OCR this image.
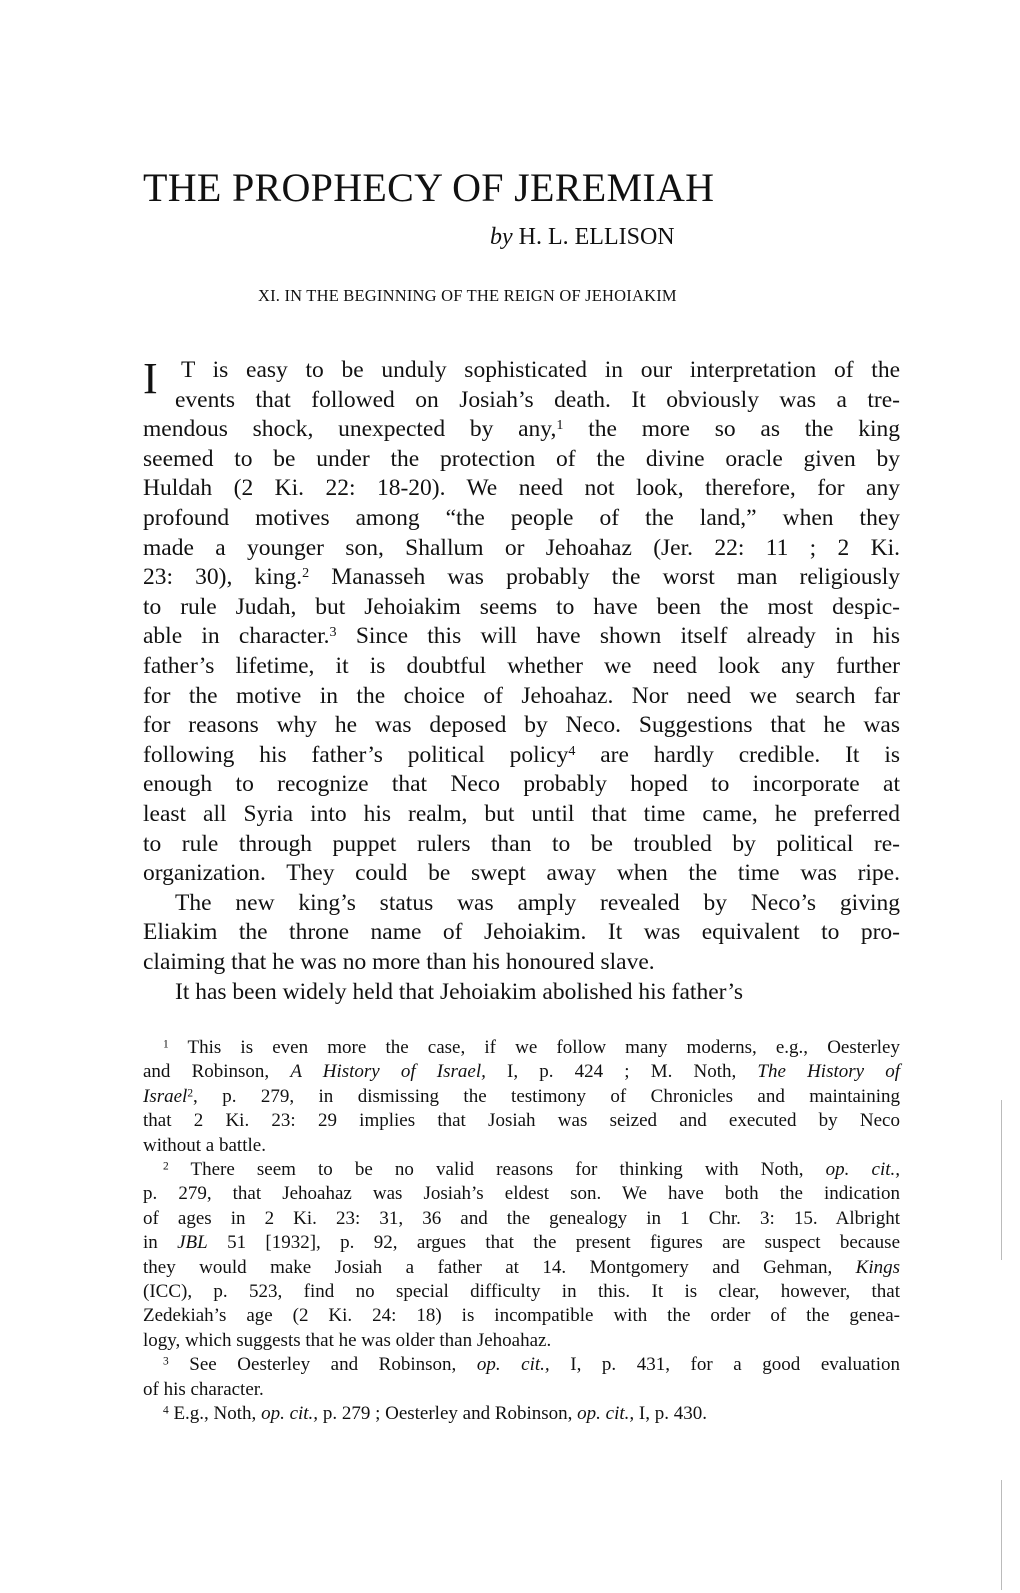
THE PROPHECY OF JEREMIAH
by H. L. ELLISON
XI. IN THE BEGINNING OF THE REIGN OF JEHOIAKIM
I T is easy to be unduly sophisticated in our interpretation of the
events that followed on Josiah’s death. It obviously was a tre-
mendous shock, unexpected by any,$^1$ the more so as the king
seemed to be under the protection of the divine oracle given by
Huldah (2 Ki. 22: 18-20). We need not look, therefore, for any
profound motives among “the people of the land,” when they
made a younger son, Shallum or Jehoahaz (Jer. 22: 11 ; 2 Ki.
23: 30), king.$^2$ Manasseh was probably the worst man religiously
to rule Judah, but Jehoiakim seems to have been the most despic-
able in character.$^3$ Since this will have shown itself already in his
father’s lifetime, it is doubtful whether we need look any further
for the motive in the choice of Jehoahaz. Nor need we search far
for reasons why he was deposed by Neco. Suggestions that he was
following his father’s political policy$^4$ are hardly credible. It is
enough to recognize that Neco probably hoped to incorporate at
least all Syria into his realm, but until that time came, he preferred
to rule through puppet rulers than to be troubled by political re-
organization. They could be swept away when the time was ripe.
The new king’s status was amply revealed by Neco’s giving
Eliakim the throne name of Jehoiakim. It was equivalent to pro-
claiming that he was no more than his honoured slave.
It has been widely held that Jehoiakim abolished his father’s
$^1$ This is even more the case, if we follow many moderns, e.g., Oesterley
and Robinson, A History of Israel, I, p. 424 ; M. Noth, The History of
Israel$^2$, p. 279, in dismissing the testimony of Chronicles and maintaining
that 2 Ki. 23: 29 implies that Josiah was seized and executed by Neco
without a battle.
$^2$ There seem to be no valid reasons for thinking with Noth, op. cit.,
p. 279, that Jehoahaz was Josiah’s eldest son. We have both the indication
of ages in 2 Ki. 23: 31, 36 and the genealogy in 1 Chr. 3: 15. Albright
in JBL 51 [1932], p. 92, argues that the present figures are suspect because
they would make Josiah a father at 14. Montgomery and Gehman, Kings
(ICC), p. 523, find no special difficulty in this. It is clear, however, that
Zedekiah’s age (2 Ki. 24: 18) is incompatible with the order of the genea-
logy, which suggests that he was older than Jehoahaz.
$^3$ See Oesterley and Robinson, op. cit., I, p. 431, for a good evaluation
of his character.
$^4$ E.g., Noth, op. cit., p. 279 ; Oesterley and Robinson, op. cit., I, p. 430.
